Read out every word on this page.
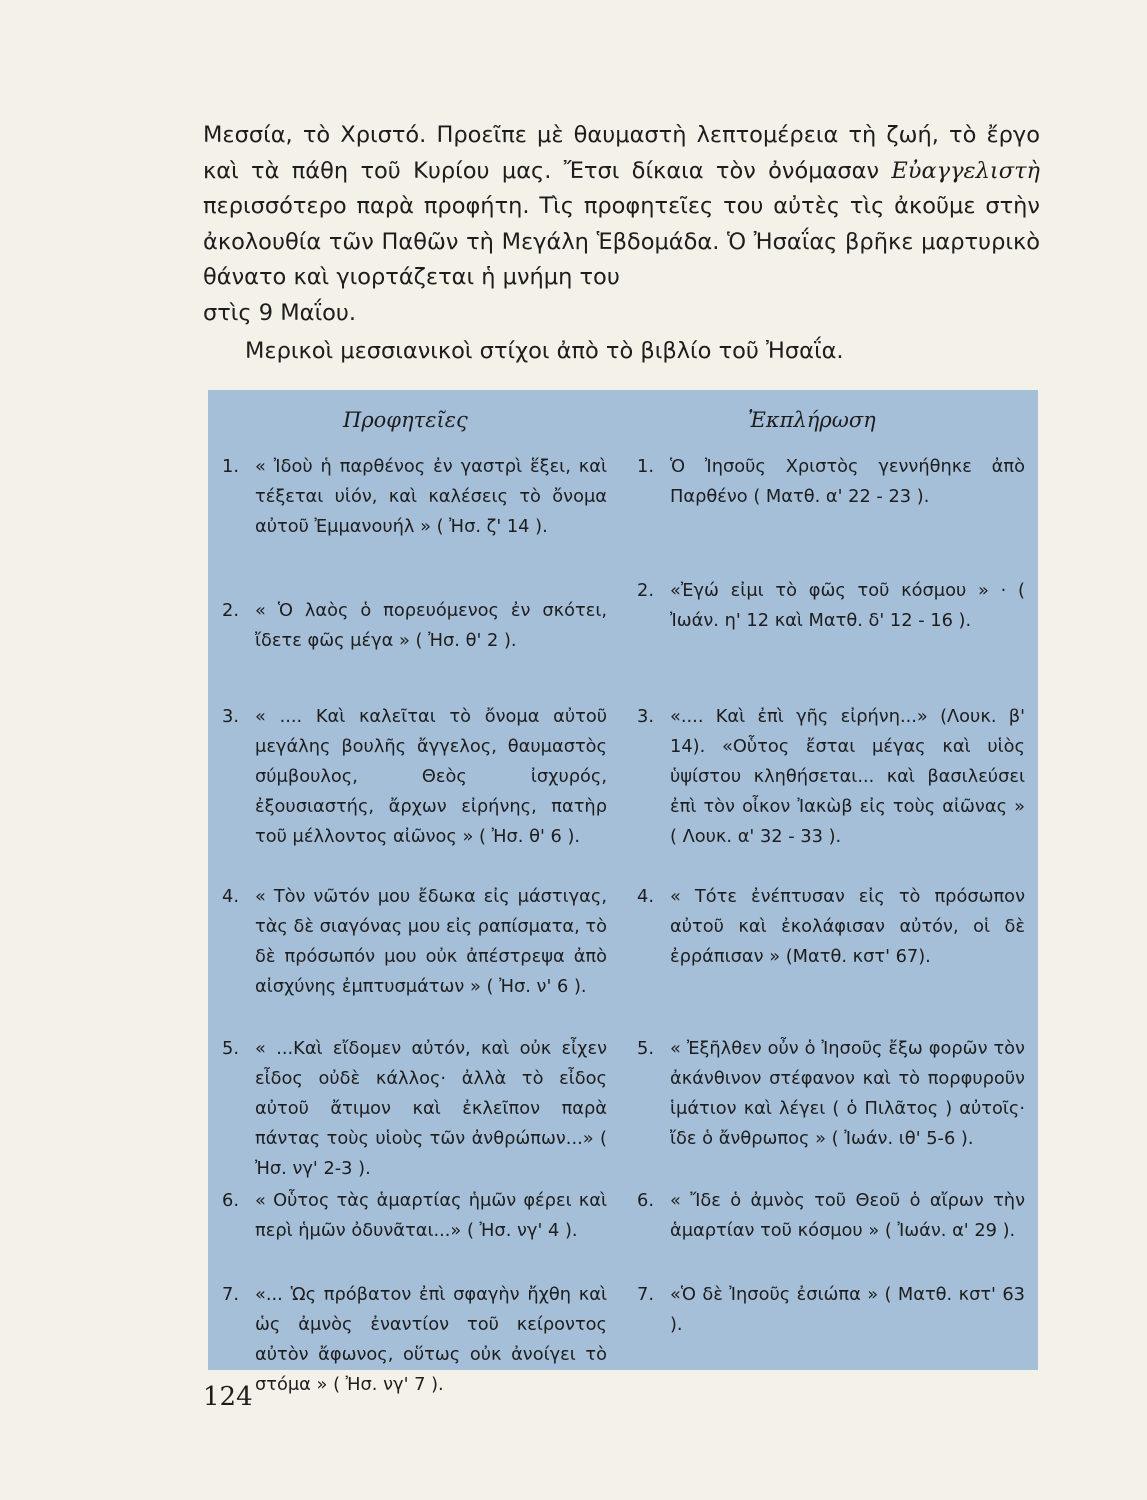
Μεσσία, τὸ Χριστό. Προεῖπε μὲ θαυμαστὴ λεπτομέρεια τὴ ζωή, τὸ ἔργο καὶ τὰ πάθη τοῦ Κυρίου μας. Ἔτσι δίκαια τὸν ὀνόμασαν Εὐαγγελιστὴ περισσότερο παρὰ προφήτη. Τὶς προφητεῖες του αὐτὲς τὶς ἀκοῦμε στὴν ἀκολουθία τῶν Παθῶν τὴ Μεγάλη Ἑβδομάδα. Ὁ Ἠσαΐας βρῆκε μαρτυρικὸ θάνατο καὶ γιορτάζεται ἡ μνήμη του

στὶς 9 Μαΐου.

Μερικοὶ μεσσιανικοὶ στίχοι ἀπὸ τὸ βιβλίο τοῦ Ἠσαΐα.

Προφητεῖες	Ἐκπλήρωση
1. « Ἰδοὺ ἡ παρθένος ἐν γαστρὶ ἕξει, καὶ τέξεται υἱόν, καὶ καλέσεις τὸ ὄνομα αὐτοῦ Ἐμμανουήλ » ( Ἠσ. ζ' 14 ).
2. « Ὁ λαὸς ὁ πορευόμενος ἐν σκότει, ἴδετε φῶς μέγα » ( Ἠσ. θ' 2 ).
3. « .... Καὶ καλεῖται τὸ ὄνομα αὐτοῦ μεγάλης βουλῆς ἄγγελος, θαυμαστὸς σύμβουλος, Θεὸς ἰσχυρός, ἐξουσιαστής, ἄρχων εἰρήνης, πατὴρ τοῦ μέλλοντος αἰῶνος » ( Ἠσ. θ' 6 ).
4. « Τὸν νῶτόν μου ἔδωκα εἰς μάστιγας, τὰς δὲ σιαγόνας μου εἰς ραπίσματα, τὸ δὲ πρόσωπόν μου οὐκ ἀπέστρεψα ἀπὸ αἰσχύνης ἐμπτυσμάτων » ( Ἠσ. ν' 6 ).
5. « ...Καὶ εἴδομεν αὐτόν, καὶ οὐκ εἶχεν εἶδος οὐδὲ κάλλος· ἀλλὰ τὸ εἶδος αὐτοῦ ἄτιμον καὶ ἐκλεῖπον παρὰ πάντας τοὺς υἱοὺς τῶν ἀνθρώπων...» ( Ἠσ. νγ' 2-3 ).
6. « Οὗτος τὰς ἁμαρτίας ἡμῶν φέρει καὶ περὶ ἡμῶν ὀδυνᾶται...» ( Ἠσ. νγ' 4 ).
7. «... Ὡς πρόβατον ἐπὶ σφαγὴν ἤχθη καὶ ὡς ἀμνὸς ἐναντίον τοῦ κείροντος αὐτὸν ἄφωνος, οὕτως οὐκ ἀνοίγει τὸ στόμα » ( Ἠσ. νγ' 7 ).
1. Ὁ Ἰησοῦς Χριστὸς γεννήθηκε ἀπὸ Παρθένο ( Ματθ. α' 22 - 23 ).
2. «Ἐγώ εἰμι τὸ φῶς τοῦ κόσμου » · ( Ἰωάν. η' 12 καὶ Ματθ. δ' 12 - 16 ).
3. «.... Καὶ ἐπὶ γῆς εἰρήνη...» (Λουκ. β' 14). «Οὗτος ἔσται μέγας καὶ υἱὸς ὑψίστου κληθήσεται... καὶ βασιλεύσει ἐπὶ τὸν οἶκον Ἰακὼβ εἰς τοὺς αἰῶνας » ( Λουκ. α' 32 - 33 ).
4. « Τότε ἐνέπτυσαν εἰς τὸ πρόσωπον αὐτοῦ καὶ ἐκολάφισαν αὐτόν, οἱ δὲ ἐρράπισαν » (Ματθ. κστ' 67).
5. « Ἐξῆλθεν οὖν ὁ Ἰησοῦς ἔξω φορῶν τὸν ἀκάνθινον στέφανον καὶ τὸ πορφυροῦν ἱμάτιον καὶ λέγει ( ὁ Πιλᾶτος ) αὐτοῖς· ἴδε ὁ ἄνθρωπος » ( Ἰωάν. ιθ' 5-6 ).
6. « Ἴδε ὁ ἀμνὸς τοῦ Θεοῦ ὁ αἴρων τὴν ἁμαρτίαν τοῦ κόσμου » ( Ἰωάν. α' 29 ).
7. «Ὁ δὲ Ἰησοῦς ἐσιώπα » ( Ματθ. κστ' 63 ).
124
